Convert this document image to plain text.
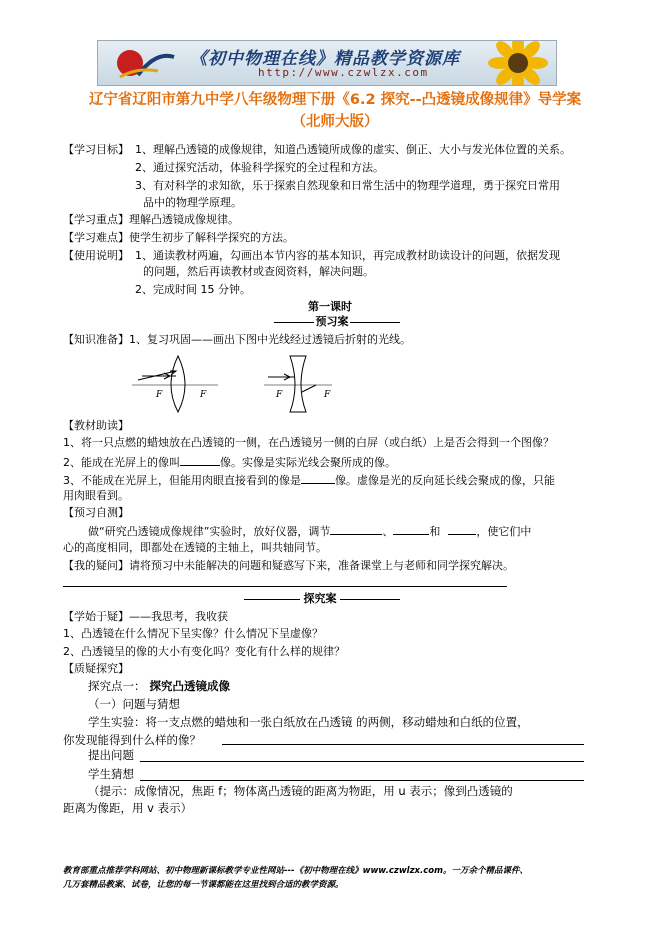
《初中物理在线》精品教学资源库
http://www.czwlzx.com
辽宁省辽阳市第九中学八年级物理下册《6.2 探究--凸透镜成像规律》导学案
（北师大版）
【学习目标】 1、理解凸透镜的成像规律，知道凸透镜所成像的虚实、倒正、大小与发光体位置的关系。
2、通过探究活动，体验科学探究的全过程和方法。
3、有对科学的求知欲，乐于探索自然现象和日常生活中的物理学道理，勇于探究日常用
品中的物理学原理。
【学习重点】理解凸透镜成像规律。
【学习难点】使学生初步了解科学探究的方法。
【使用说明】 1、通读教材两遍，勾画出本节内容的基本知识，再完成教材助读设计的问题，依据发现
的问题，然后再读教材或查阅资料，解决问题。
2、完成时间 15 分钟。
第一课时
预习案
【知识准备】1、复习巩固——画出下图中光线经过透镜后折射的光线。
F	F	F	F
【教材助读】
1、将一只点燃的蜡烛放在凸透镜的一侧，在凸透镜另一侧的白屏（或白纸）上是否会得到一个图像？
2、能成在光屏上的像叫	像。实像是实际光线会聚所成的像。
3、不能成在光屏上，但能用肉眼直接看到的像是	像。虚像是光的反向延长线会聚成的像，只能
用肉眼看到。
【预习自测】
做“研究凸透镜成像规律”实验时，放好仪器，调节	、	和	，使它们中
心的高度相同，即都处在透镜的主轴上，叫共轴同节。
【我的疑问】请将预习中未能解决的问题和疑惑写下来，准备课堂上与老师和同学探究解决。
探究案
【学始于疑】——我思考，我收获
1、凸透镜在什么情况下呈实像？什么情况下呈虚像？
2、凸透镜呈的像的大小有变化吗？变化有什么样的规律？
【质疑探究】
探究点一： 探究凸透镜成像
（一）问题与猜想
学生实验：将一支点燃的蜡烛和一张白纸放在凸透镜 的两侧，移动蜡烛和白纸的位置，
你发现能得到什么样的像？
提出问题
学生猜想
（提示：成像情况，焦距 f；物体离凸透镜的距离为物距，用 u 表示；像到凸透镜的
距离为像距，用 v 表示）
教育部重点推荐学科网站、初中物理新课标教学专业性网站---《初中物理在线》www.czwlzx.com。一万余个精品课件、
几万套精品教案、试卷，让您的每一节课都能在这里找到合适的教学资源。
